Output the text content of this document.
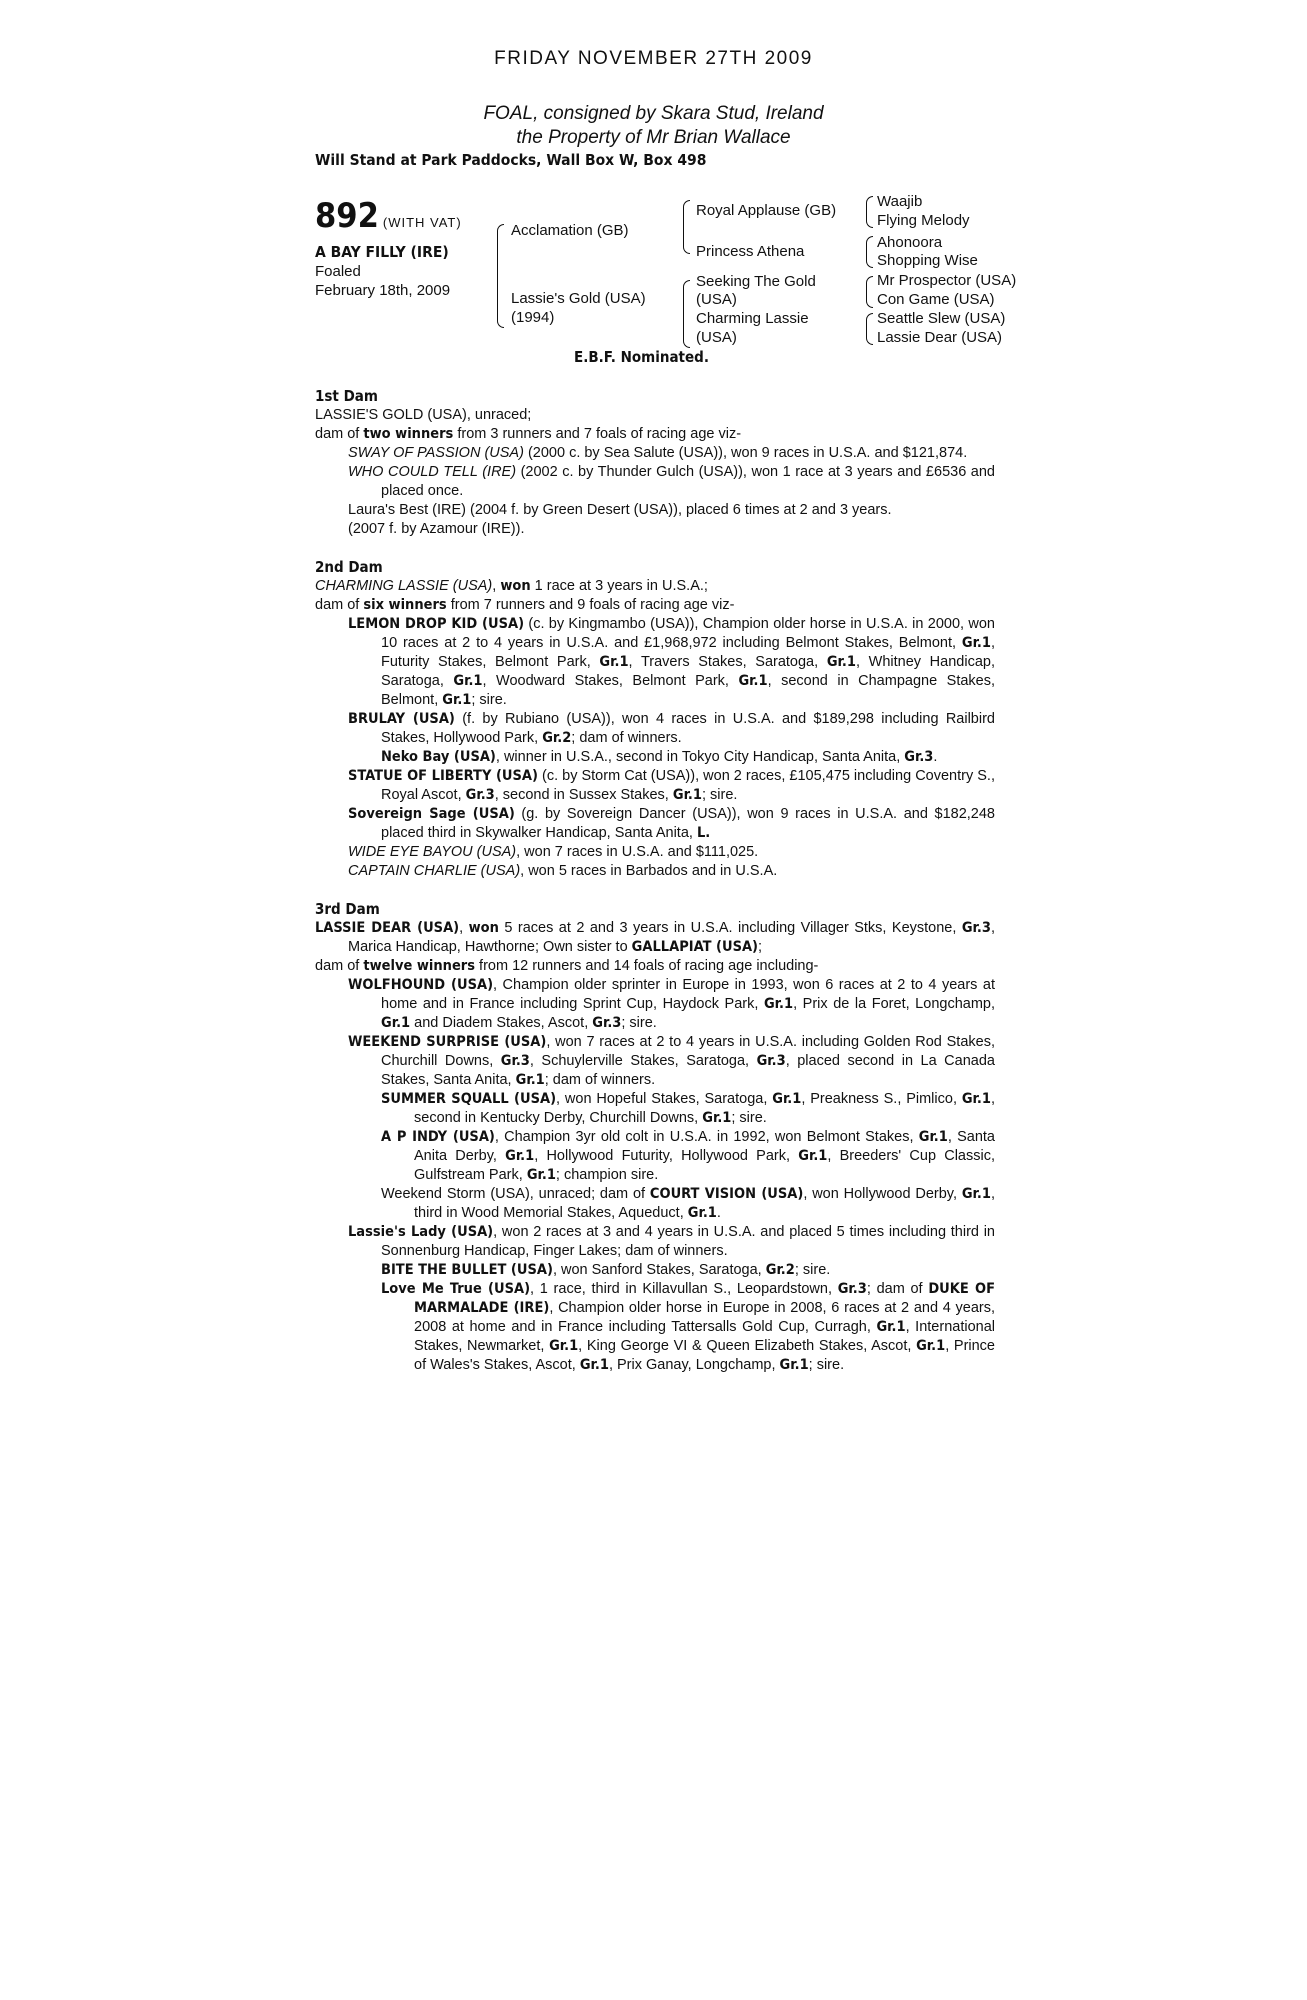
FRIDAY NOVEMBER 27TH 2009
FOAL, consigned by Skara Stud, Ireland
the Property of Mr Brian Wallace
Will Stand at Park Paddocks, Wall Box W, Box 498
892 (WITH VAT)
A BAY FILLY (IRE)
Foaled
February 18th, 2009
Acclamation (GB)
Lassie's Gold (USA)
(1994)
Royal Applause (GB)
Princess Athena
Seeking The Gold
(USA)
Charming Lassie
(USA)
Waajib
Flying Melody
Ahonoora
Shopping Wise
Mr Prospector (USA)
Con Game (USA)
Seattle Slew (USA)
Lassie Dear (USA)
E.B.F. Nominated.

1st Dam

LASSIE'S GOLD (USA), unraced;

dam of two winners from 3 runners and 7 foals of racing age viz-

SWAY OF PASSION (USA) (2000 c. by Sea Salute (USA)), won 9 races in U.S.A. and $121,874.

WHO COULD TELL (IRE) (2002 c. by Thunder Gulch (USA)), won 1 race at 3 years and £6536 and placed once.

Laura's Best (IRE) (2004 f. by Green Desert (USA)), placed 6 times at 2 and 3 years.

(2007 f. by Azamour (IRE)).

2nd Dam

CHARMING LASSIE (USA), won 1 race at 3 years in U.S.A.;

dam of six winners from 7 runners and 9 foals of racing age viz-

LEMON DROP KID (USA) (c. by Kingmambo (USA)), Champion older horse in U.S.A. in 2000, won 10 races at 2 to 4 years in U.S.A. and £1,968,972 including Belmont Stakes, Belmont, Gr.1, Futurity Stakes, Belmont Park, Gr.1, Travers Stakes, Saratoga, Gr.1, Whitney Handicap, Saratoga, Gr.1, Woodward Stakes, Belmont Park, Gr.1, second in Champagne Stakes, Belmont, Gr.1; sire.

BRULAY (USA) (f. by Rubiano (USA)), won 4 races in U.S.A. and $189,298 including Railbird Stakes, Hollywood Park, Gr.2; dam of winners.

Neko Bay (USA), winner in U.S.A., second in Tokyo City Handicap, Santa Anita, Gr.3.

STATUE OF LIBERTY (USA) (c. by Storm Cat (USA)), won 2 races, £105,475 including Coventry S., Royal Ascot, Gr.3, second in Sussex Stakes, Gr.1; sire.

Sovereign Sage (USA) (g. by Sovereign Dancer (USA)), won 9 races in U.S.A. and $182,248 placed third in Skywalker Handicap, Santa Anita, L.

WIDE EYE BAYOU (USA), won 7 races in U.S.A. and $111,025.

CAPTAIN CHARLIE (USA), won 5 races in Barbados and in U.S.A.

3rd Dam

LASSIE DEAR (USA), won 5 races at 2 and 3 years in U.S.A. including Villager Stks, Keystone, Gr.3, Marica Handicap, Hawthorne; Own sister to GALLAPIAT (USA);

dam of twelve winners from 12 runners and 14 foals of racing age including-

WOLFHOUND (USA), Champion older sprinter in Europe in 1993, won 6 races at 2 to 4 years at home and in France including Sprint Cup, Haydock Park, Gr.1, Prix de la Foret, Longchamp, Gr.1 and Diadem Stakes, Ascot, Gr.3; sire.

WEEKEND SURPRISE (USA), won 7 races at 2 to 4 years in U.S.A. including Golden Rod Stakes, Churchill Downs, Gr.3, Schuylerville Stakes, Saratoga, Gr.3, placed second in La Canada Stakes, Santa Anita, Gr.1; dam of winners.

SUMMER SQUALL (USA), won Hopeful Stakes, Saratoga, Gr.1, Preakness S., Pimlico, Gr.1, second in Kentucky Derby, Churchill Downs, Gr.1; sire.

A P INDY (USA), Champion 3yr old colt in U.S.A. in 1992, won Belmont Stakes, Gr.1, Santa Anita Derby, Gr.1, Hollywood Futurity, Hollywood Park, Gr.1, Breeders' Cup Classic, Gulfstream Park, Gr.1; champion sire.

Weekend Storm (USA), unraced; dam of COURT VISION (USA), won Hollywood Derby, Gr.1, third in Wood Memorial Stakes, Aqueduct, Gr.1.

Lassie's Lady (USA), won 2 races at 3 and 4 years in U.S.A. and placed 5 times including third in Sonnenburg Handicap, Finger Lakes; dam of winners.

BITE THE BULLET (USA), won Sanford Stakes, Saratoga, Gr.2; sire.

Love Me True (USA), 1 race, third in Killavullan S., Leopardstown, Gr.3; dam of DUKE OF MARMALADE (IRE), Champion older horse in Europe in 2008, 6 races at 2 and 4 years, 2008 at home and in France including Tattersalls Gold Cup, Curragh, Gr.1, International Stakes, Newmarket, Gr.1, King George VI & Queen Elizabeth Stakes, Ascot, Gr.1, Prince of Wales's Stakes, Ascot, Gr.1, Prix Ganay, Longchamp, Gr.1; sire.
